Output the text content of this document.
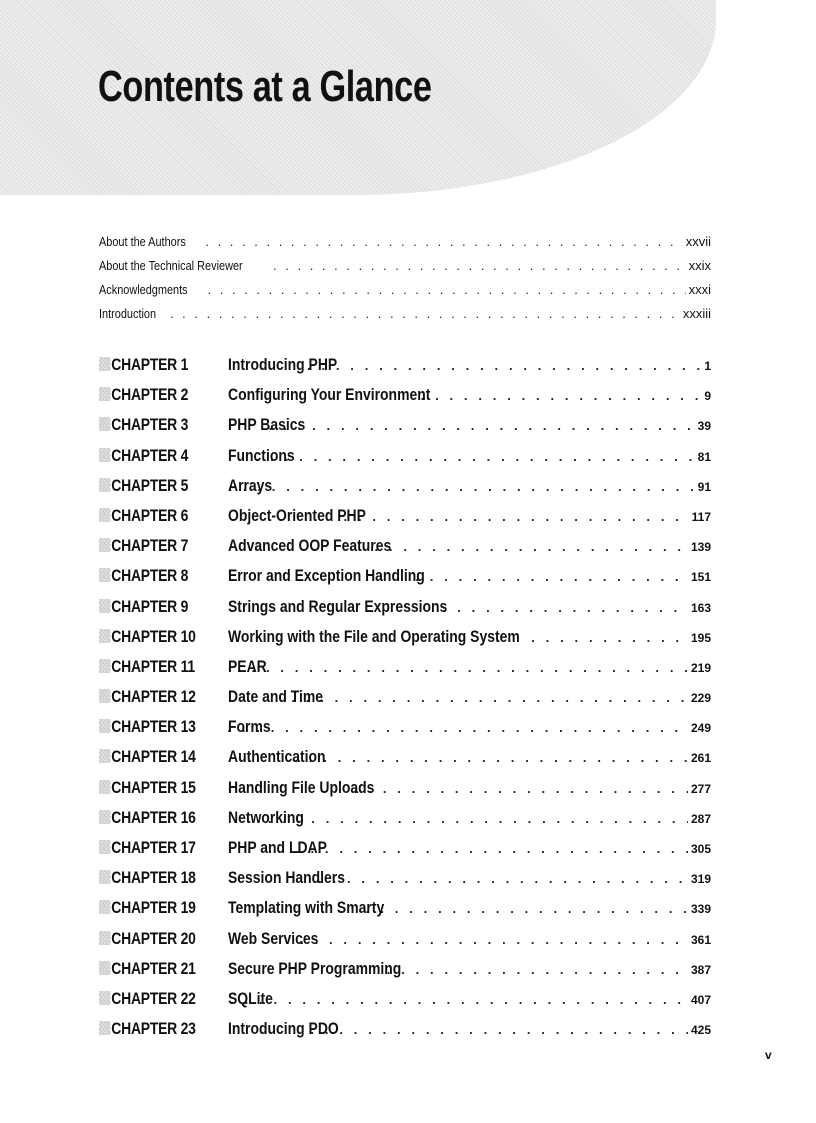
Contents at a Glance
About the Authors . . .	xxvii
About the Technical Reviewer . . .	xxix
Acknowledgments . . .	xxxi
Introduction . . .	xxxiii
CHAPTER 1	Introducing PHP . . .	1
CHAPTER 2	Configuring Your Environment . . .	9
CHAPTER 3	PHP Basics . . .	39
CHAPTER 4	Functions . . .	81
CHAPTER 5	Arrays . . .	91
CHAPTER 6	Object-Oriented PHP . . .	117
CHAPTER 7	Advanced OOP Features . . .	139
CHAPTER 8	Error and Exception Handling . . .	151
CHAPTER 9	Strings and Regular Expressions . . .	163
CHAPTER 10	Working with the File and Operating System . . .	195
CHAPTER 11	PEAR . . .	219
CHAPTER 12	Date and Time . . .	229
CHAPTER 13	Forms . . .	249
CHAPTER 14	Authentication . . .	261
CHAPTER 15	Handling File Uploads . . .	277
CHAPTER 16	Networking . . .	287
CHAPTER 17	PHP and LDAP . . .	305
CHAPTER 18	Session Handlers . . .	319
CHAPTER 19	Templating with Smarty . . .	339
CHAPTER 20	Web Services . . .	361
CHAPTER 21	Secure PHP Programming . . .	387
CHAPTER 22	SQLite . . .	407
CHAPTER 23	Introducing PDO . . .	425
v
